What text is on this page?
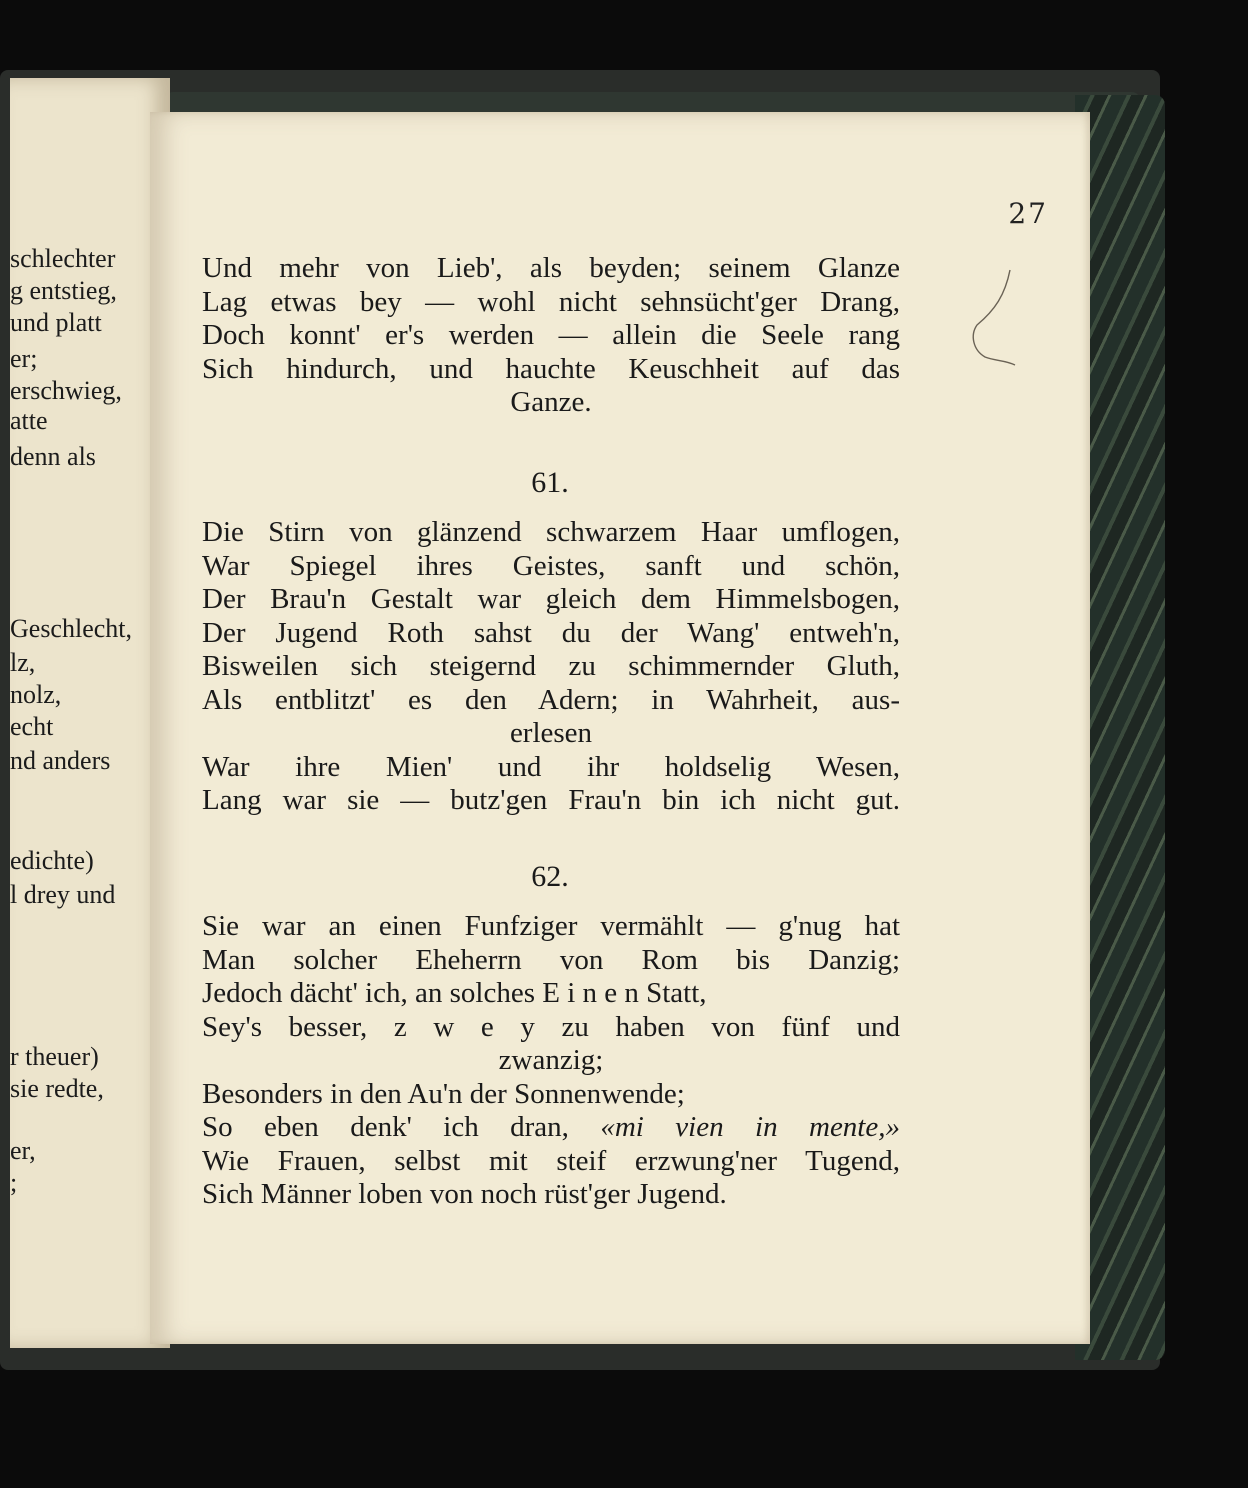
schlechter
g entstieg,
und platt
er;
erschwieg,
atte
denn als
Geschlecht,
lz,
nolz,
echt
nd anders
edichte)
l drey und
r theuer)
sie redte,
er,
;
27
Und mehr von Lieb', als beyden; seinem Glanze
Lag etwas bey — wohl nicht sehnsücht'ger Drang,
Doch konnt' er's werden — allein die Seele rang
Sich hindurch, und hauchte Keuschheit auf das
Ganze.
61.
Die Stirn von glänzend schwarzem Haar umflogen,
War Spiegel ihres Geistes, sanft und schön,
Der Brau'n Gestalt war gleich dem Himmelsbogen,
Der Jugend Roth sahst du der Wang' entweh'n,
Bisweilen sich steigernd zu schimmernder Gluth,
Als entblitzt' es den Adern; in Wahrheit, aus-
erlesen
War ihre Mien' und ihr holdselig Wesen,
Lang war sie — butz'gen Frau'n bin ich nicht gut.
62.
Sie war an einen Funfziger vermählt — g'nug hat
Man solcher Eheherrn von Rom bis Danzig;
Jedoch dächt' ich, an solches E i n e n Statt,
Sey's besser, z w e y zu haben von fünf und
zwanzig;
Besonders in den Au'n der Sonnenwende;
So eben denk' ich dran, «mi vien in mente,»
Wie Frauen, selbst mit steif erzwung'ner Tugend,
Sich Männer loben von noch rüst'ger Jugend.
